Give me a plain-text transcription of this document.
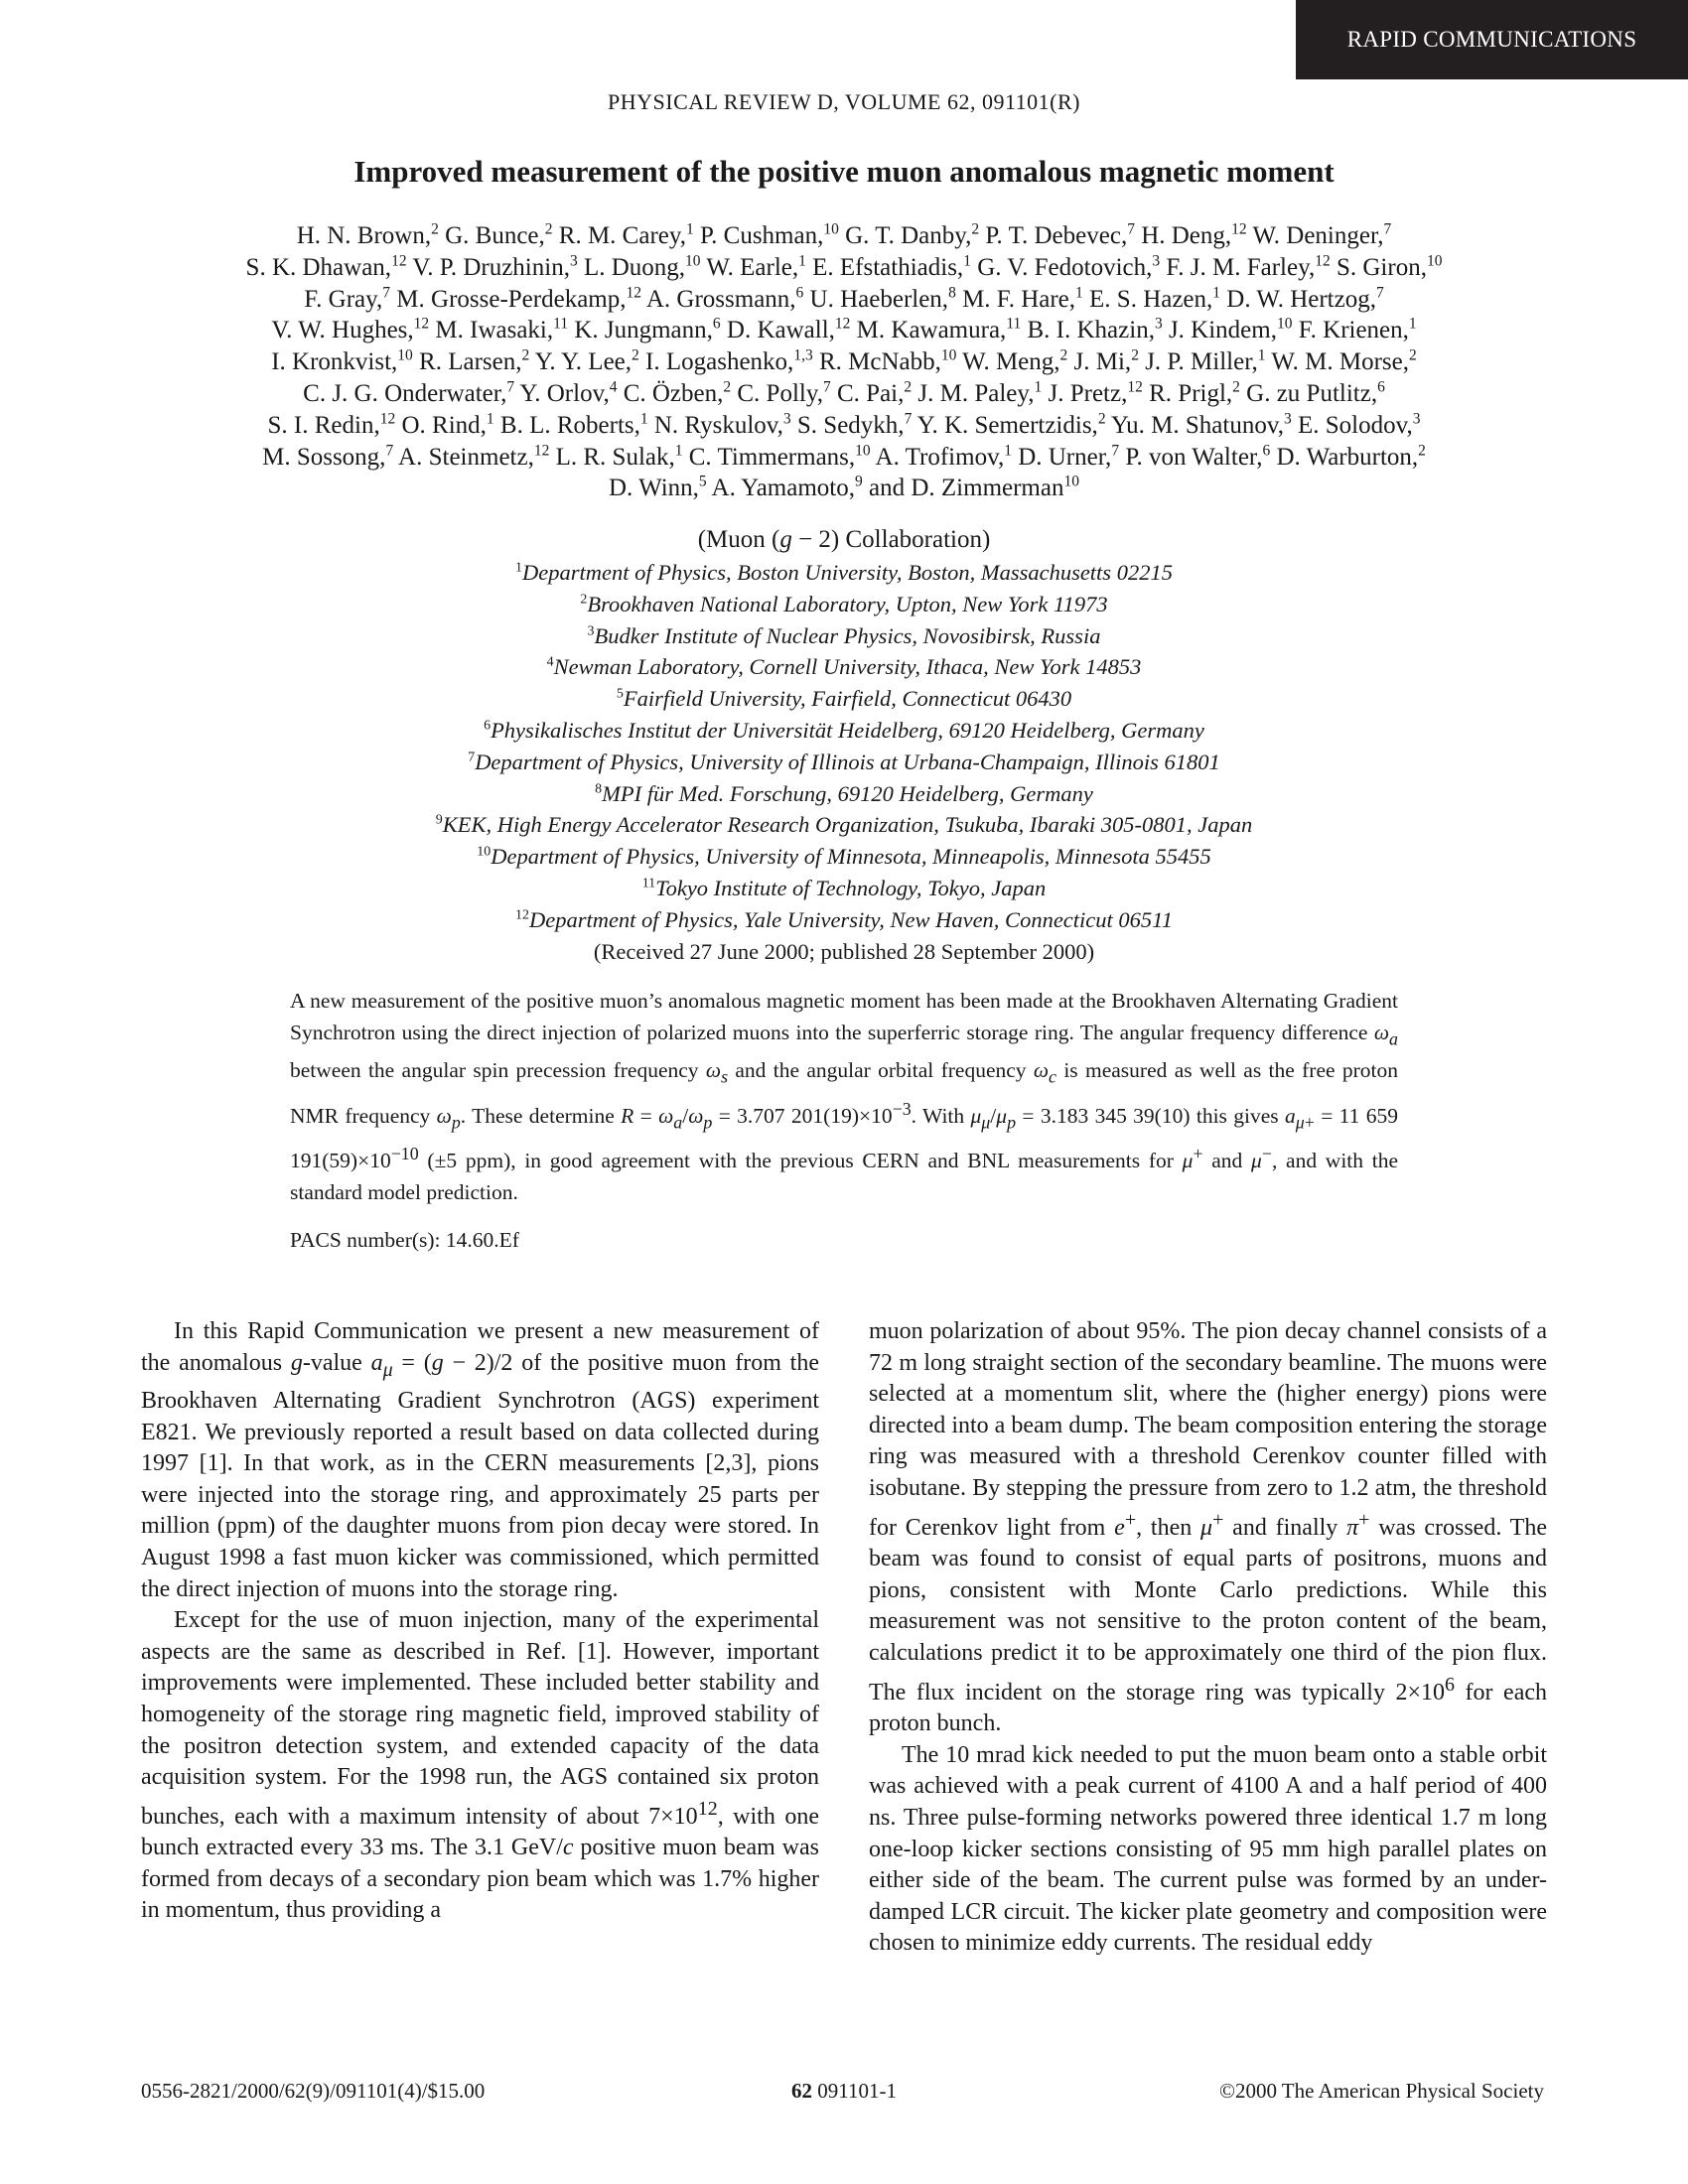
RAPID COMMUNICATIONS
PHYSICAL REVIEW D, VOLUME 62, 091101(R)
Improved measurement of the positive muon anomalous magnetic moment
H. N. Brown,$^2$ G. Bunce,$^2$ R. M. Carey,$^1$ P. Cushman,$^{10}$ G. T. Danby,$^2$ P. T. Debevec,$^7$ H. Deng,$^{12}$ W. Deninger,$^7$
S. K. Dhawan,$^{12}$ V. P. Druzhinin,$^3$ L. Duong,$^{10}$ W. Earle,$^1$ E. Efstathiadis,$^1$ G. V. Fedotovich,$^3$ F. J. M. Farley,$^{12}$ S. Giron,$^{10}$
F. Gray,$^7$ M. Grosse-Perdekamp,$^{12}$ A. Grossmann,$^6$ U. Haeberlen,$^8$ M. F. Hare,$^1$ E. S. Hazen,$^1$ D. W. Hertzog,$^7$
V. W. Hughes,$^{12}$ M. Iwasaki,$^{11}$ K. Jungmann,$^6$ D. Kawall,$^{12}$ M. Kawamura,$^{11}$ B. I. Khazin,$^3$ J. Kindem,$^{10}$ F. Krienen,$^1$
I. Kronkvist,$^{10}$ R. Larsen,$^2$ Y. Y. Lee,$^2$ I. Logashenko,$^{1,3}$ R. McNabb,$^{10}$ W. Meng,$^2$ J. Mi,$^2$ J. P. Miller,$^1$ W. M. Morse,$^2$
C. J. G. Onderwater,$^7$ Y. Orlov,$^4$ C. Özben,$^2$ C. Polly,$^7$ C. Pai,$^2$ J. M. Paley,$^1$ J. Pretz,$^{12}$ R. Prigl,$^2$ G. zu Putlitz,$^6$
S. I. Redin,$^{12}$ O. Rind,$^1$ B. L. Roberts,$^1$ N. Ryskulov,$^3$ S. Sedykh,$^7$ Y. K. Semertzidis,$^2$ Yu. M. Shatunov,$^3$ E. Solodov,$^3$
M. Sossong,$^7$ A. Steinmetz,$^{12}$ L. R. Sulak,$^1$ C. Timmermans,$^{10}$ A. Trofimov,$^1$ D. Urner,$^7$ P. von Walter,$^6$ D. Warburton,$^2$
D. Winn,$^5$ A. Yamamoto,$^9$ and D. Zimmerman$^{10}$
(Muon (g − 2) Collaboration)
$^1$Department of Physics, Boston University, Boston, Massachusetts 02215
$^2$Brookhaven National Laboratory, Upton, New York 11973
$^3$Budker Institute of Nuclear Physics, Novosibirsk, Russia
$^4$Newman Laboratory, Cornell University, Ithaca, New York 14853
$^5$Fairfield University, Fairfield, Connecticut 06430
$^6$Physikalisches Institut der Universität Heidelberg, 69120 Heidelberg, Germany
$^7$Department of Physics, University of Illinois at Urbana-Champaign, Illinois 61801
$^8$MPI für Med. Forschung, 69120 Heidelberg, Germany
$^9$KEK, High Energy Accelerator Research Organization, Tsukuba, Ibaraki 305-0801, Japan
$^{10}$Department of Physics, University of Minnesota, Minneapolis, Minnesota 55455
$^{11}$Tokyo Institute of Technology, Tokyo, Japan
$^{12}$Department of Physics, Yale University, New Haven, Connecticut 06511
(Received 27 June 2000; published 28 September 2000)
A new measurement of the positive muon’s anomalous magnetic moment has been made at the Brookhaven Alternating Gradient Synchrotron using the direct injection of polarized muons into the superferric storage ring. The angular frequency difference $\omega_a$ between the angular spin precession frequency $\omega_s$ and the angular orbital frequency $\omega_c$ is measured as well as the free proton NMR frequency $\omega_p$. These determine $R = \omega_a/\omega_p = 3.707$ $201(19)\times 10^{-3}$. With $\mu_\mu/\mu_p = 3.183$ 345 39(10) this gives $a_{\mu+} = 11$ 659 $191(59)\times 10^{-10}$ (±5 ppm), in good agreement with the previous CERN and BNL measurements for μ+ and μ−, and with the standard model prediction.
PACS number(s): 14.60.Ef

In this Rapid Communication we present a new measurement of the anomalous g-value $a_\mu = (g - 2)/2$ of the positive muon from the Brookhaven Alternating Gradient Synchrotron (AGS) experiment E821. We previously reported a result based on data collected during 1997 [1]. In that work, as in the CERN measurements [2,3], pions were injected into the storage ring, and approximately 25 parts per million (ppm) of the daughter muons from pion decay were stored. In August 1998 a fast muon kicker was commissioned, which permitted the direct injection of muons into the storage ring.

Except for the use of muon injection, many of the experimental aspects are the same as described in Ref. [1]. However, important improvements were implemented. These included better stability and homogeneity of the storage ring magnetic field, improved stability of the positron detection system, and extended capacity of the data acquisition system. For the 1998 run, the AGS contained six proton bunches, each with a maximum intensity of about $7\times 10^{12}$, with one bunch extracted every 33 ms. The 3.1 GeV/c positive muon beam was formed from decays of a secondary pion beam which was 1.7% higher in momentum, thus providing a

muon polarization of about 95%. The pion decay channel consists of a 72 m long straight section of the secondary beamline. The muons were selected at a momentum slit, where the (higher energy) pions were directed into a beam dump. The beam composition entering the storage ring was measured with a threshold Cerenkov counter filled with isobutane. By stepping the pressure from zero to 1.2 atm, the threshold for Cerenkov light from e+, then μ+ and finally π+ was crossed. The beam was found to consist of equal parts of positrons, muons and pions, consistent with Monte Carlo predictions. While this measurement was not sensitive to the proton content of the beam, calculations predict it to be approximately one third of the pion flux. The flux incident on the storage ring was typically $2\times 10^6$ for each proton bunch.

The 10 mrad kick needed to put the muon beam onto a stable orbit was achieved with a peak current of 4100 A and a half period of 400 ns. Three pulse-forming networks powered three identical 1.7 m long one-loop kicker sections consisting of 95 mm high parallel plates on either side of the beam. The current pulse was formed by an under-damped LCR circuit. The kicker plate geometry and composition were chosen to minimize eddy currents. The residual eddy

0556-2821/2000/62(9)/091101(4)/$15.00	62 091101-1	©2000 The American Physical Society
